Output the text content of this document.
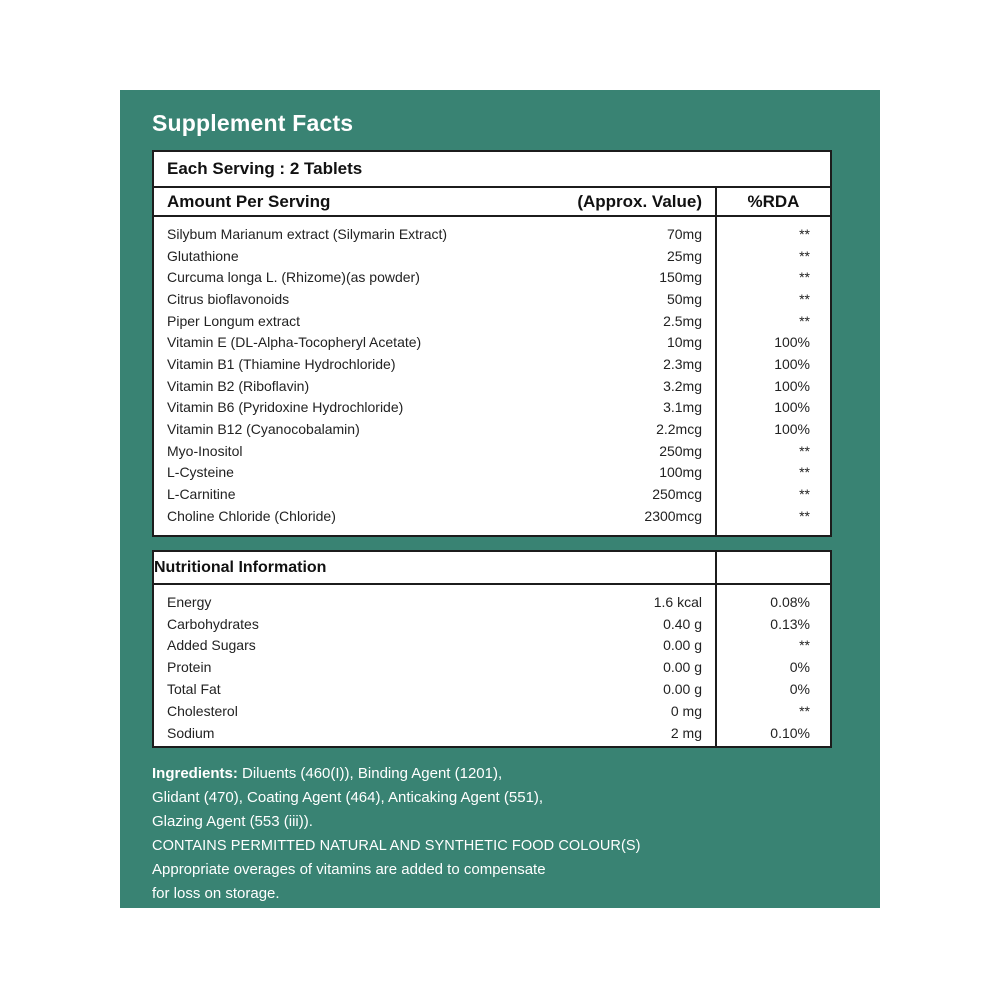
Supplement Facts
Each Serving : 2 Tablets
Amount Per Serving	(Approx. Value)	%RDA
Silybum Marianum extract (Silymarin Extract)	70mg	**
Glutathione	25mg	**
Curcuma longa L. (Rhizome)(as powder)	150mg	**
Citrus bioflavonoids	50mg	**
Piper Longum extract	2.5mg	**
Vitamin E (DL-Alpha-Tocopheryl Acetate)	10mg	100%
Vitamin B1 (Thiamine Hydrochloride)	2.3mg	100%
Vitamin B2 (Riboflavin)	3.2mg	100%
Vitamin B6 (Pyridoxine Hydrochloride)	3.1mg	100%
Vitamin B12 (Cyanocobalamin)	2.2mcg	100%
Myo-Inositol	250mg	**
L-Cysteine	100mg	**
L-Carnitine	250mcg	**
Choline Chloride (Chloride)	2300mcg	**
Nutritional Information
Energy	1.6 kcal	0.08%
Carbohydrates	0.40 g	0.13%
Added Sugars	0.00 g	**
Protein	0.00 g	0%
Total Fat	0.00 g	0%
Cholesterol	0 mg	**
Sodium	2 mg	0.10%

Ingredients: Diluents (460(I)), Binding Agent (1201),
Glidant (470), Coating Agent (464), Anticaking Agent (551),
Glazing Agent (553 (iii)).

CONTAINS PERMITTED NATURAL AND SYNTHETIC FOOD COLOUR(S)

Appropriate overages of vitamins are added to compensate
for loss on storage.
